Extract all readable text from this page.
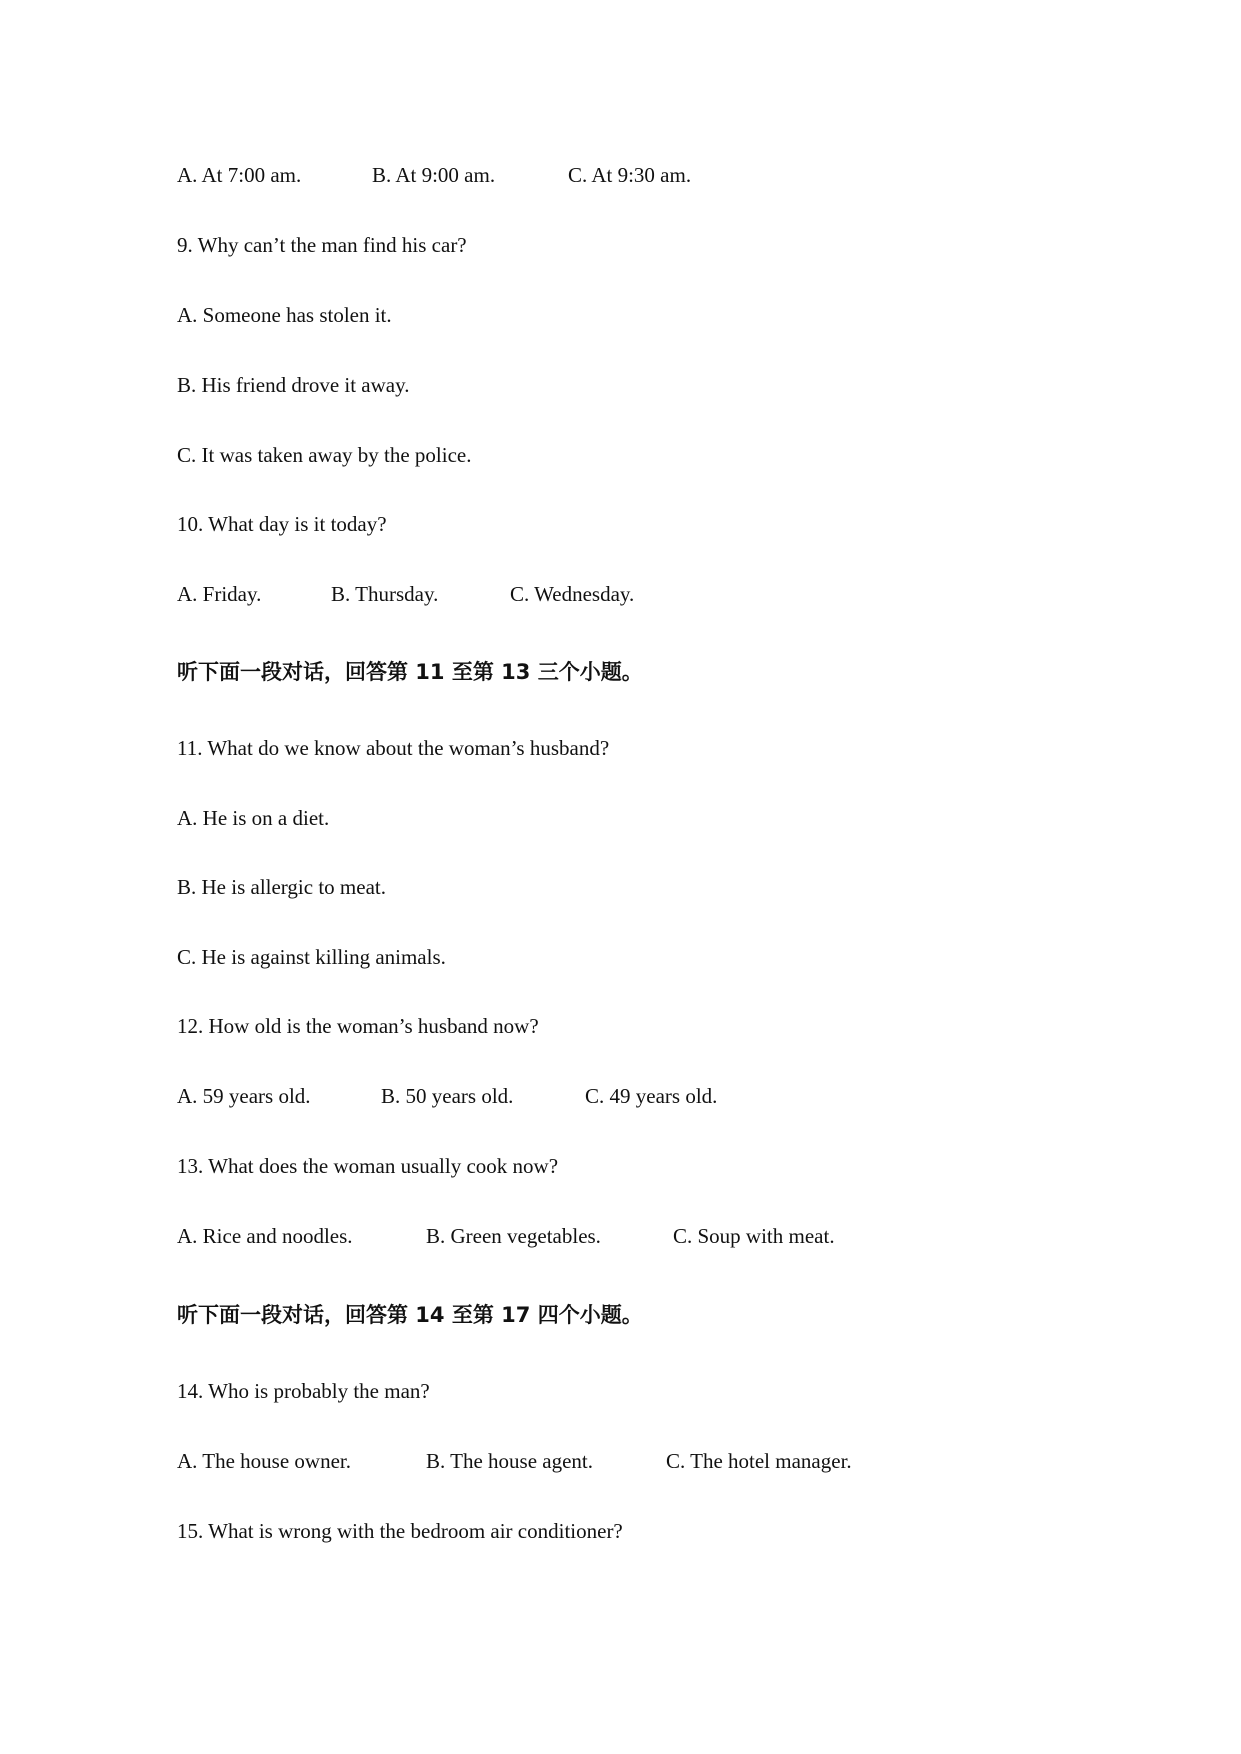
A. At 7:00 am.	B. At 9:00 am.	C. At 9:30 am.
9. Why can’t the man find his car?
A. Someone has stolen it.
B. His friend drove it away.
C. It was taken away by the police.
10. What day is it today?
A. Friday.	B. Thursday.	C. Wednesday.
听下面一段对话，回答第 11 至第 13 三个小题。
11. What do we know about the woman’s husband?
A. He is on a diet.
B. He is allergic to meat.
C. He is against killing animals.
12. How old is the woman’s husband now?
A. 59 years old.	B. 50 years old.	C. 49 years old.
13. What does the woman usually cook now?
A. Rice and noodles.	B. Green vegetables.	C. Soup with meat.
听下面一段对话，回答第 14 至第 17 四个小题。
14. Who is probably the man?
A. The house owner.	B. The house agent.	C. The hotel manager.
15. What is wrong with the bedroom air conditioner?
